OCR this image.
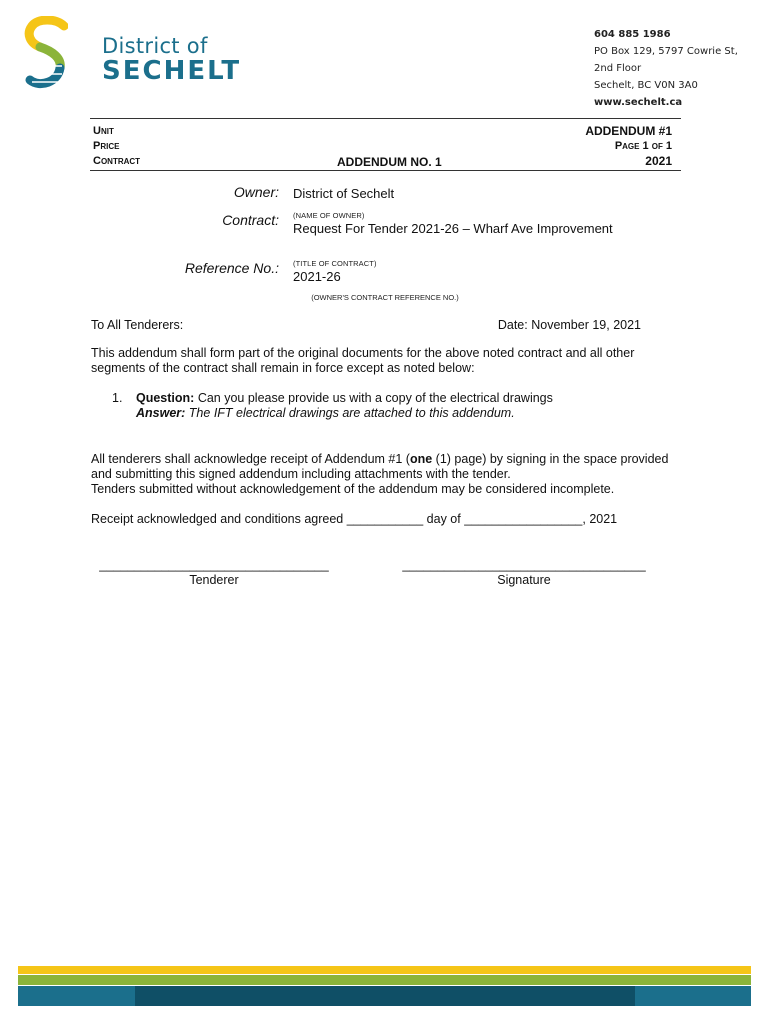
District of
SECHELT
604 885 1986
PO Box 129, 5797 Cowrie St,
2nd Floor
Sechelt, BC V0N 3A0
www.sechelt.ca
Unit
Price
Contract	ADDENDUM NO. 1
ADDENDUM #1
Page 1 of 1
2021
Owner: District of Sechelt
(NAME OF OWNER)
Contract:
Request For Tender 2021-26 – Wharf Ave Improvement
(TITLE OF CONTRACT)
Reference No.:
2021-26
(OWNER'S CONTRACT REFERENCE NO.)
To All Tenderers:	Date: November 19, 2021
This addendum shall form part of the original documents for the above noted contract and all other
segments of the contract shall remain in force except as noted below:
1. Question: Can you please provide us with a copy of the electrical drawings
Answer: The IFT electrical drawings are attached to this addendum.
All tenderers shall acknowledge receipt of Addendum #1 (one (1) page) by signing in the space provided
and submitting this signed addendum including attachments with the tender.
Tenders submitted without acknowledgement of the addendum may be considered incomplete.
Receipt acknowledged and conditions agreed ___________ day of _________________, 2021
_________________________________
Tenderer
___________________________________
Signature
